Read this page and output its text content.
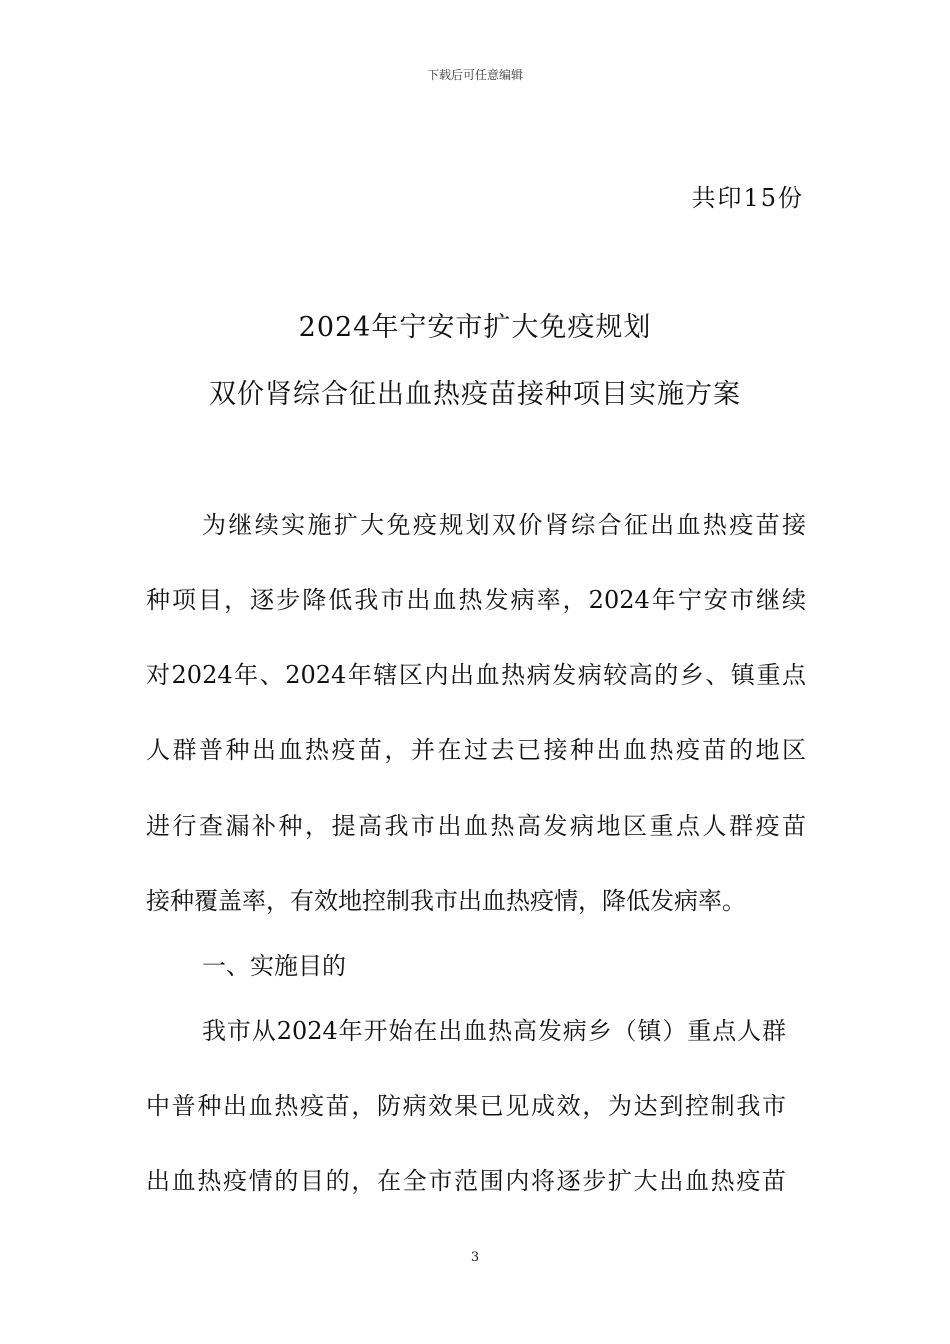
下载后可任意编辑
共印15份
2024年宁安市扩大免疫规划
双价肾综合征出血热疫苗接种项目实施方案
为继续实施扩大免疫规划双价肾综合征出血热疫苗接
种项目，逐步降低我市出血热发病率，2024年宁安市继续
对2024年、2024年辖区内出血热病发病较高的乡、镇重点
人群普种出血热疫苗，并在过去已接种出血热疫苗的地区
进行查漏补种，提高我市出血热高发病地区重点人群疫苗
接种覆盖率，有效地控制我市出血热疫情，降低发病率。
一、实施目的
我市从2024年开始在出血热高发病乡（镇）重点人群
中普种出血热疫苗，防病效果已见成效，为达到控制我市
出血热疫情的目的，在全市范围内将逐步扩大出血热疫苗
3
